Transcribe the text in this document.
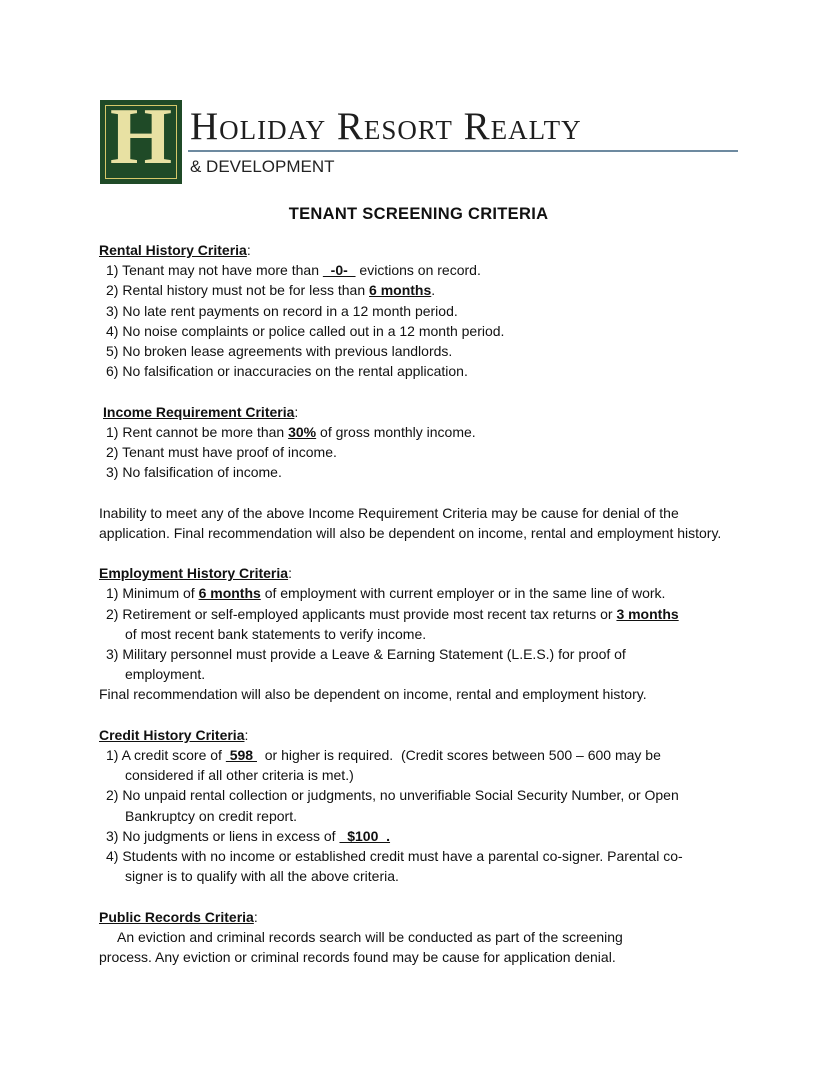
H Holiday Resort Realty
& DEVELOPMENT
TENANT SCREENING CRITERIA

Rental History Criteria:

1) Tenant may not have more than   -0-   evictions on record.

2) Rental history must not be for less than 6 months.

3) No late rent payments on record in a 12 month period.

4) No noise complaints or police called out in a 12 month period.

5) No broken lease agreements with previous landlords.

6) No falsification or inaccuracies on the rental application.

Income Requirement Criteria:

1) Rent cannot be more than 30% of gross monthly income.

2) Tenant must have proof of income.

3) No falsification of income.

Inability to meet any of the above Income Requirement Criteria may be cause for denial of the application. Final recommendation will also be dependent on income, rental and employment history.

Employment History Criteria:

1) Minimum of 6 months of employment with current employer or in the same line of work.

2) Retirement or self-employed applicants must provide most recent tax returns or 3 months

of most recent bank statements to verify income.

3) Military personnel must provide a Leave & Earning Statement (L.E.S.) for proof of

employment.

Final recommendation will also be dependent on income, rental and employment history.

Credit History Criteria:

1) A credit score of  598   or higher is required.  (Credit scores between 500 – 600 may be

considered if all other criteria is met.)

2) No unpaid rental collection or judgments, no unverifiable Social Security Number, or Open

Bankruptcy on credit report.

3) No judgments or liens in excess of   $100  .

4) Students with no income or established credit must have a parental co-signer. Parental co-

signer is to qualify with all the above criteria.

Public Records Criteria:

An eviction and criminal records search will be conducted as part of the screening

process. Any eviction or criminal records found may be cause for application denial.
